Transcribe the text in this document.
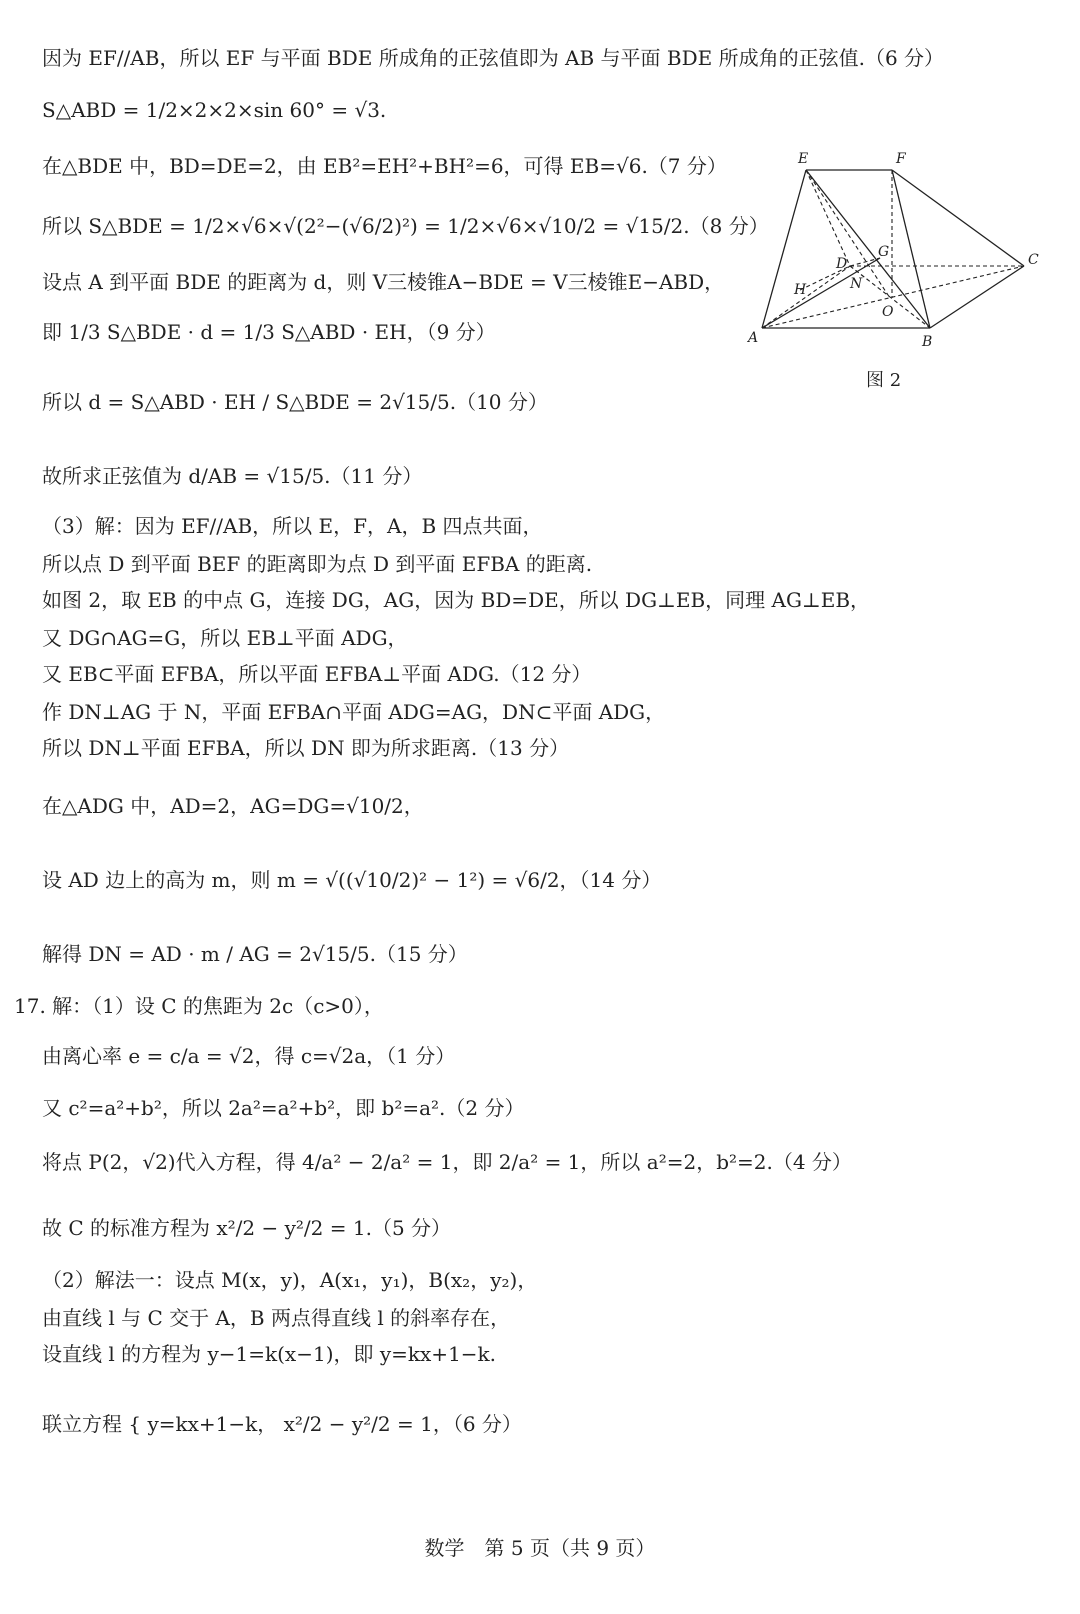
因为 EF//AB，所以 EF 与平面 BDE 所成角的正弦值即为 AB 与平面 BDE 所成角的正弦值.（6 分）
S△ABD = 1/2×2×2×sin 60° = √3.
在△BDE 中，BD=DE=2，由 EB²=EH²+BH²=6，可得 EB=√6.（7 分）
所以 S△BDE = 1/2×√6×√(2²−(√6/2)²) = 1/2×√6×√10/2 = √15/2.（8 分）
设点 A 到平面 BDE 的距离为 d，则 V三棱锥A−BDE = V三棱锥E−ABD，
即 1/3 S△BDE · d = 1/3 S△ABD · EH，（9 分）
所以 d = S△ABD · EH / S△BDE = 2√15/5.（10 分）
故所求正弦值为 d/AB = √15/5.（11 分）
（3）解：因为 EF//AB，所以 E，F，A，B 四点共面，
所以点 D 到平面 BEF 的距离即为点 D 到平面 EFBA 的距离.
如图 2，取 EB 的中点 G，连接 DG，AG，因为 BD=DE，所以 DG⊥EB，同理 AG⊥EB，
又 DG∩AG=G，所以 EB⊥平面 ADG，
又 EB⊂平面 EFBA，所以平面 EFBA⊥平面 ADG.（12 分）
作 DN⊥AG 于 N，平面 EFBA∩平面 ADG=AG，DN⊂平面 ADG，
所以 DN⊥平面 EFBA，所以 DN 即为所求距离.（13 分）
在△ADG 中，AD=2，AG=DG=√10/2，
设 AD 边上的高为 m，则 m = √((√10/2)² − 1²) = √6/2，（14 分）
解得 DN = AD · m / AG = 2√15/5.（15 分）
17. 解：（1）设 C 的焦距为 2c（c>0），
由离心率 e = c/a = √2，得 c=√2a，（1 分）
又 c²=a²+b²，所以 2a²=a²+b²，即 b²=a².（2 分）
将点 P(2，√2)代入方程，得 4/a² − 2/a² = 1，即 2/a² = 1，所以 a²=2，b²=2.（4 分）
故 C 的标准方程为 x²/2 − y²/2 = 1.（5 分）
（2）解法一：设点 M(x，y)，A(x₁，y₁)，B(x₂，y₂)，
由直线 l 与 C 交于 A，B 两点得直线 l 的斜率存在，
设直线 l 的方程为 y−1=k(x−1)，即 y=kx+1−k.
联立方程 { y=kx+1−k， x²/2 − y²/2 = 1，（6 分）
E	F
C
D
G
N
H
O
A	B
图 2
数学　第 5 页（共 9 页）
